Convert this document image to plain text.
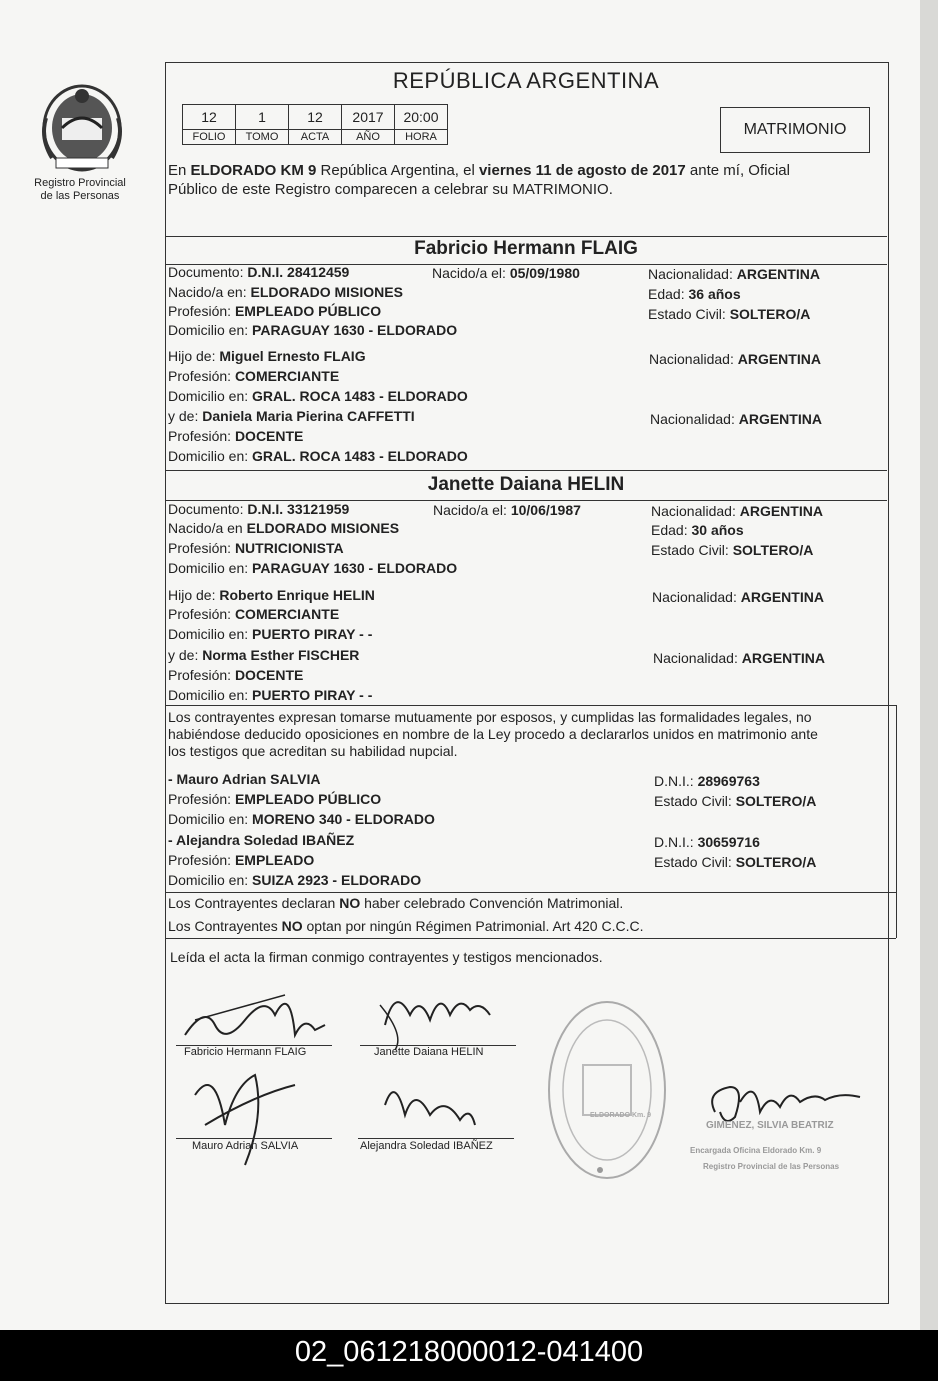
Registro Provincial
de las Personas
REPÚBLICA ARGENTINA
12	1	12	2017	20:00
FOLIO	TOMO	ACTA	AÑO	HORA	MATRIMONIO
En ELDORADO KM 9 República Argentina, el viernes 11 de agosto de 2017 ante mí, Oficial
Público de este Registro comparecen a celebrar su MATRIMONIO.
Fabricio Hermann FLAIG
Documento: D.N.I. 28412459	Nacido/a el: 05/09/1980	Nacionalidad: ARGENTINA
Nacido/a en: ELDORADO MISIONES	Edad: 36 años
Profesión: EMPLEADO PÚBLICO	Estado Civil: SOLTERO/A
Domicilio en: PARAGUAY 1630 - ELDORADO
Hijo de: Miguel Ernesto FLAIG	Nacionalidad: ARGENTINA
Profesión: COMERCIANTE
Domicilio en: GRAL. ROCA 1483 - ELDORADO
y de: Daniela Maria Pierina CAFFETTI	Nacionalidad: ARGENTINA
Profesión: DOCENTE
Domicilio en: GRAL. ROCA 1483 - ELDORADO
Janette Daiana HELIN
Documento: D.N.I. 33121959	Nacido/a el: 10/06/1987	Nacionalidad: ARGENTINA
Nacido/a en ELDORADO MISIONES	Edad: 30 años
Profesión: NUTRICIONISTA	Estado Civil: SOLTERO/A
Domicilio en: PARAGUAY 1630 - ELDORADO
Hijo de: Roberto Enrique HELIN	Nacionalidad: ARGENTINA
Profesión: COMERCIANTE
Domicilio en: PUERTO PIRAY - -
y de: Norma Esther FISCHER	Nacionalidad: ARGENTINA
Profesión: DOCENTE
Domicilio en: PUERTO PIRAY - -
Los contrayentes expresan tomarse mutuamente por esposos, y cumplidas las formalidades legales, no
habiéndose deducido oposiciones en nombre de la Ley procedo a declararlos unidos en matrimonio ante
los testigos que acreditan su habilidad nupcial.
- Mauro Adrian SALVIA	D.N.I.: 28969763
Profesión: EMPLEADO PÚBLICO	Estado Civil: SOLTERO/A
Domicilio en: MORENO 340 - ELDORADO
- Alejandra Soledad IBAÑEZ	D.N.I.: 30659716
Profesión: EMPLEADO	Estado Civil: SOLTERO/A
Domicilio en: SUIZA 2923 - ELDORADO
Los Contrayentes declaran NO haber celebrado Convención Matrimonial.
Los Contrayentes NO optan por ningún Régimen Patrimonial. Art 420 C.C.C.
Leída el acta la firman conmigo contrayentes y testigos mencionados.
Fabricio Hermann FLAIG	Janette Daiana HELIN
Mauro Adrian SALVIA	Alejandra Soledad IBAÑEZ
ELDORADO Km. 9
GIMENEZ, SILVIA BEATRIZ
Encargada Oficina Eldorado Km. 9
Registro Provincial de las Personas
02_061218000012-041400
